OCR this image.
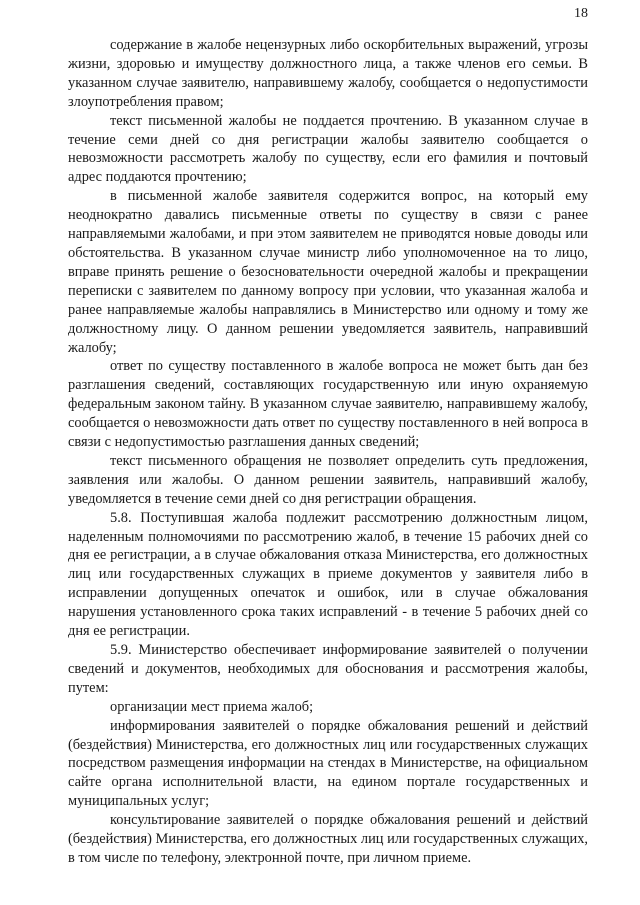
18

содержание в жалобе нецензурных либо оскорбительных выражений, угрозы жизни, здоровью и имуществу должностного лица, а также членов его семьи. В указанном случае заявителю, направившему жалобу, сообщается о недопустимости злоупотребления правом;

текст письменной жалобы не поддается прочтению. В указанном случае в течение семи дней со дня регистрации жалобы заявителю сообщается о невозможности рассмотреть жалобу по существу, если его фамилия и почтовый адрес поддаются прочтению;

в письменной жалобе заявителя содержится вопрос, на который ему неоднократно давались письменные ответы по существу в связи с ранее направляемыми жалобами, и при этом заявителем не приводятся новые доводы или обстоятельства. В указанном случае министр либо уполномоченное на то лицо, вправе принять решение о безосновательности очередной жалобы и прекращении переписки с заявителем по данному вопросу при условии, что указанная жалоба и ранее направляемые жалобы направлялись в Министерство или одному и тому же должностному лицу. О данном решении уведомляется заявитель, направивший жалобу;

ответ по существу поставленного в жалобе вопроса не может быть дан без разглашения сведений, составляющих государственную или иную охраняемую федеральным законом тайну. В указанном случае заявителю, направившему жалобу, сообщается о невозможности дать ответ по существу поставленного в ней вопроса в связи с недопустимостью разглашения данных сведений;

текст письменного обращения не позволяет определить суть предложения, заявления или жалобы. О данном решении заявитель, направивший жалобу, уведомляется в течение семи дней со дня регистрации обращения.

5.8. Поступившая жалоба подлежит рассмотрению должностным лицом, наделенным полномочиями по рассмотрению жалоб, в течение 15 рабочих дней со дня ее регистрации, а в случае обжалования отказа Министерства, его должностных лиц или государственных служащих в приеме документов у заявителя либо в исправлении допущенных опечаток и ошибок, или в случае обжалования нарушения установленного срока таких исправлений - в течение 5 рабочих дней со дня ее регистрации.

5.9. Министерство обеспечивает информирование заявителей о получении сведений и документов, необходимых для обоснования и рассмотрения жалобы, путем:

организации мест приема жалоб;

информирования заявителей о порядке обжалования решений и действий (бездействия) Министерства, его должностных лиц или государственных служащих посредством размещения информации на стендах в Министерстве, на официальном сайте органа исполнительной власти, на едином портале государственных и муниципальных услуг;

консультирование заявителей о порядке обжалования решений и действий (бездействия) Министерства, его должностных лиц или государственных служащих, в том числе по телефону, электронной почте, при личном приеме.
